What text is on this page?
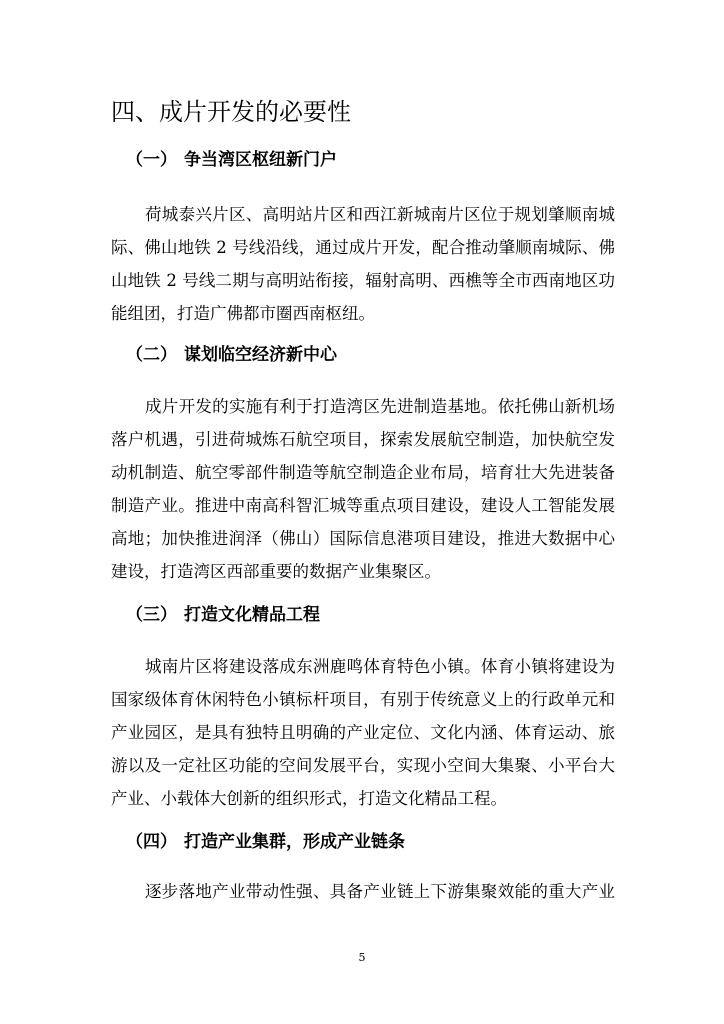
四、成片开发的必要性
（一） 争当湾区枢纽新门户
荷城泰兴片区、高明站片区和西江新城南片区位于规划肇顺南城
际、佛山地铁 2 号线沿线，通过成片开发，配合推动肇顺南城际、佛
山地铁 2 号线二期与高明站衔接，辐射高明、西樵等全市西南地区功
能组团，打造广佛都市圈西南枢纽。
（二） 谋划临空经济新中心
成片开发的实施有利于打造湾区先进制造基地。依托佛山新机场
落户机遇，引进荷城炼石航空项目，探索发展航空制造，加快航空发
动机制造、航空零部件制造等航空制造企业布局，培育壮大先进装备
制造产业。推进中南高科智汇城等重点项目建设，建设人工智能发展
高地；加快推进润泽（佛山）国际信息港项目建设，推进大数据中心
建设，打造湾区西部重要的数据产业集聚区。
（三） 打造文化精品工程
城南片区将建设落成东洲鹿鸣体育特色小镇。体育小镇将建设为
国家级体育休闲特色小镇标杆项目，有别于传统意义上的行政单元和
产业园区，是具有独特且明确的产业定位、文化内涵、体育运动、旅
游以及一定社区功能的空间发展平台，实现小空间大集聚、小平台大
产业、小载体大创新的组织形式，打造文化精品工程。
（四） 打造产业集群，形成产业链条
逐步落地产业带动性强、具备产业链上下游集聚效能的重大产业
5
